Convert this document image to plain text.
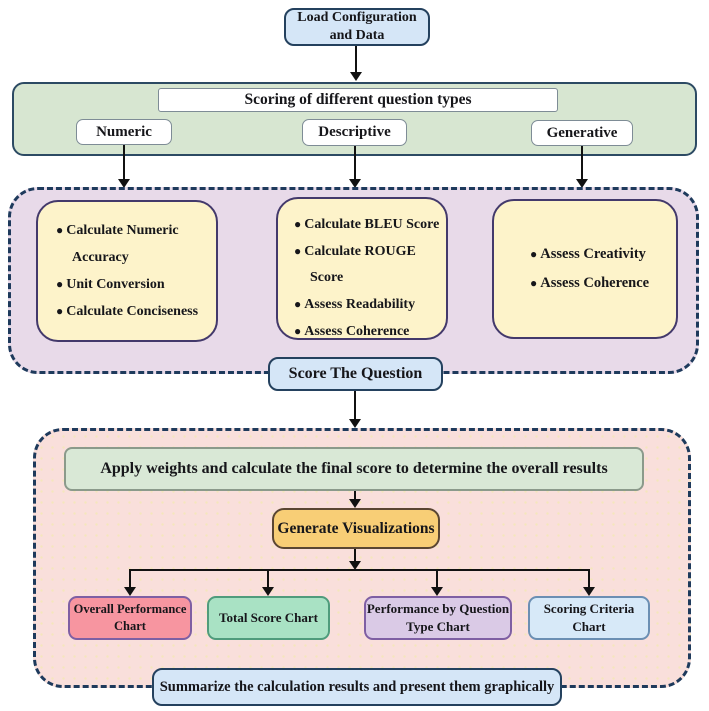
Load Configuration and Data
Scoring of different question types
Numeric	Descriptive	Generative
● Calculate Numeric Accuracy
● Unit Conversion
● Calculate Conciseness
● Calculate BLEU Score
● Calculate ROUGE Score
● Assess Readability
● Assess Coherence
● Assess Creativity
● Assess Coherence
Score The Question
Apply weights and calculate the final score to determine the overall results
Generate Visualizations
Overall Performance Chart
Total Score Chart
Performance by Question Type Chart
Scoring Criteria Chart
Summarize the calculation results and present them graphically
